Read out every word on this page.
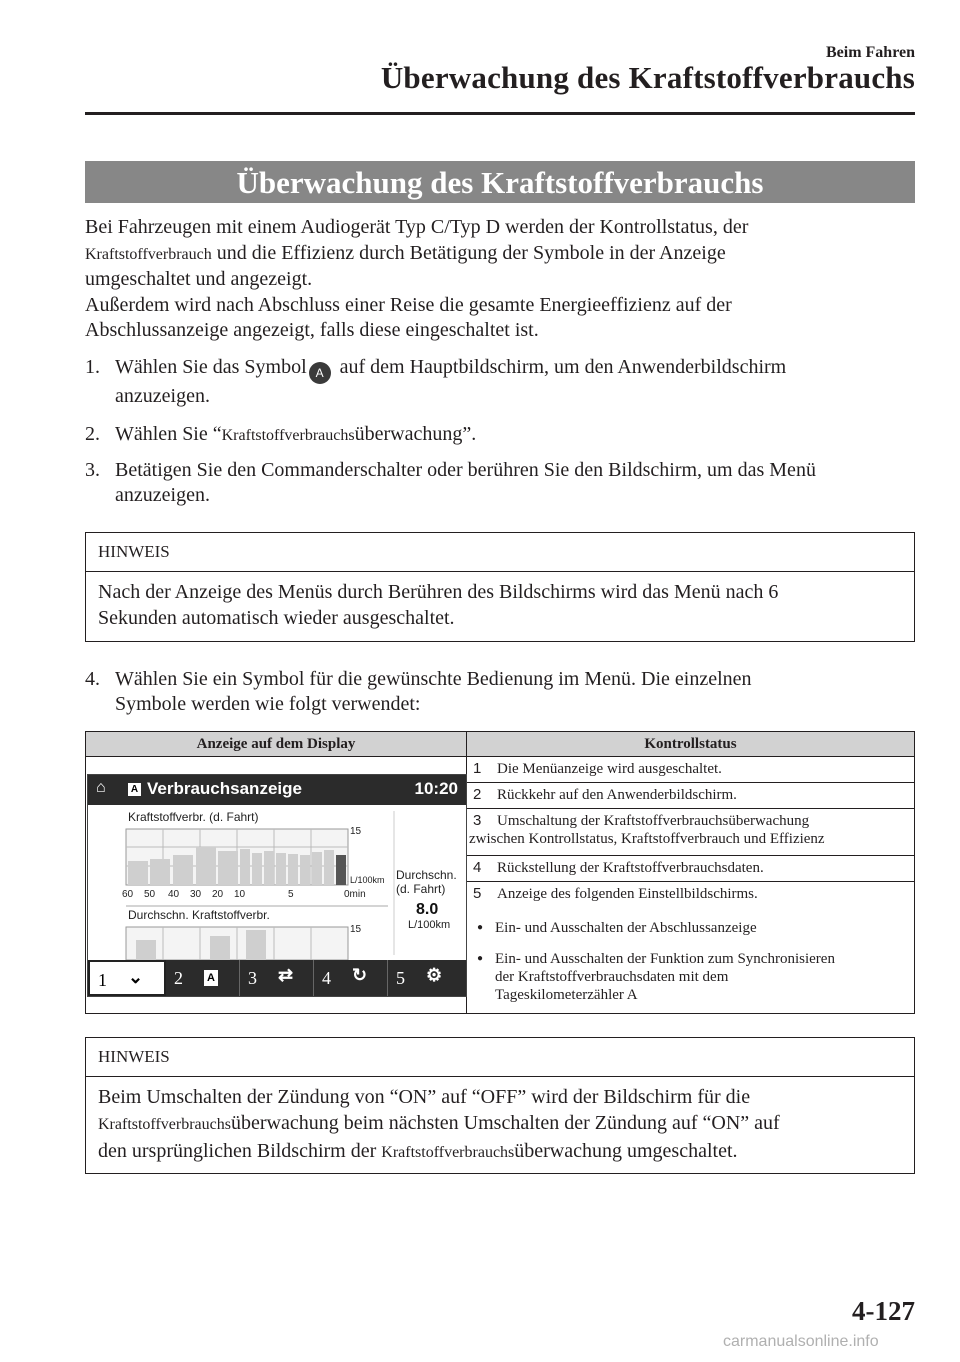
Beim Fahren
Überwachung des Kraftstoffverbrauchs
Überwachung des Kraftstoffverbrauchs
Bei Fahrzeugen mit einem Audiogerät Typ C/Typ D werden der Kontrollstatus, der
Kraftstoffverbrauch und die Effizienz durch Betätigung der Symbole in der Anzeige
umgeschaltet und angezeigt.
Außerdem wird nach Abschluss einer Reise die gesamte Energieeffizienz auf der
Abschlussanzeige angezeigt, falls diese eingeschaltet ist.
1. Wählen Sie das Symbol A auf dem Hauptbildschirm, um den Anwenderbildschirm
anzuzeigen.
2. Wählen Sie “Kraftstoffverbrauchsüberwachung”.
3. Betätigen Sie den Commanderschalter oder berühren Sie den Bildschirm, um das Menü
anzuzeigen.
HINWEIS
Nach der Anzeige des Menüs durch Berühren des Bildschirms wird das Menü nach 6
Sekunden automatisch wieder ausgeschaltet.
4. Wählen Sie ein Symbol für die gewünschte Bedienung im Menü. Die einzelnen
Symbole werden wie folgt verwendet:
Anzeige auf dem Display	Kontrollstatus
1 Die Menüanzeige wird ausgeschaltet.
2 Rückkehr auf den Anwenderbildschirm.
3 Umschaltung der Kraftstoffverbrauchsüberwachung
zwischen Kontrollstatus, Kraftstoffverbrauch und Effizienz
4 Rückstellung der Kraftstoffverbrauchsdaten.
5 Anzeige des folgenden Einstellbildschirms.
● Ein- und Ausschalten der Abschlussanzeige
● Ein- und Ausschalten der Funktion zum Synchronisieren
der Kraftstoffverbrauchsdaten mit dem
Tageskilometerzähler A
⌂	A Verbrauchsanzeige	10:20
Kraftstoffverbr. (d. Fahrt)
15
L/100km
60 50 40 30 20 10	5	0min
Durchschn. Kraftstoffverbr.
15
Durchschn.
(d. Fahrt)
8.0
L/100km
1 ⌄ 2 A 3 ⇄ 4 ↻ 5 ⚙
HINWEIS
Beim Umschalten der Zündung von “ON” auf “OFF” wird der Bildschirm für die
Kraftstoffverbrauchsüberwachung beim nächsten Umschalten der Zündung auf “ON” auf
den ursprünglichen Bildschirm der Kraftstoffverbrauchsüberwachung umgeschaltet.
4-127
carmanualsonline.info
